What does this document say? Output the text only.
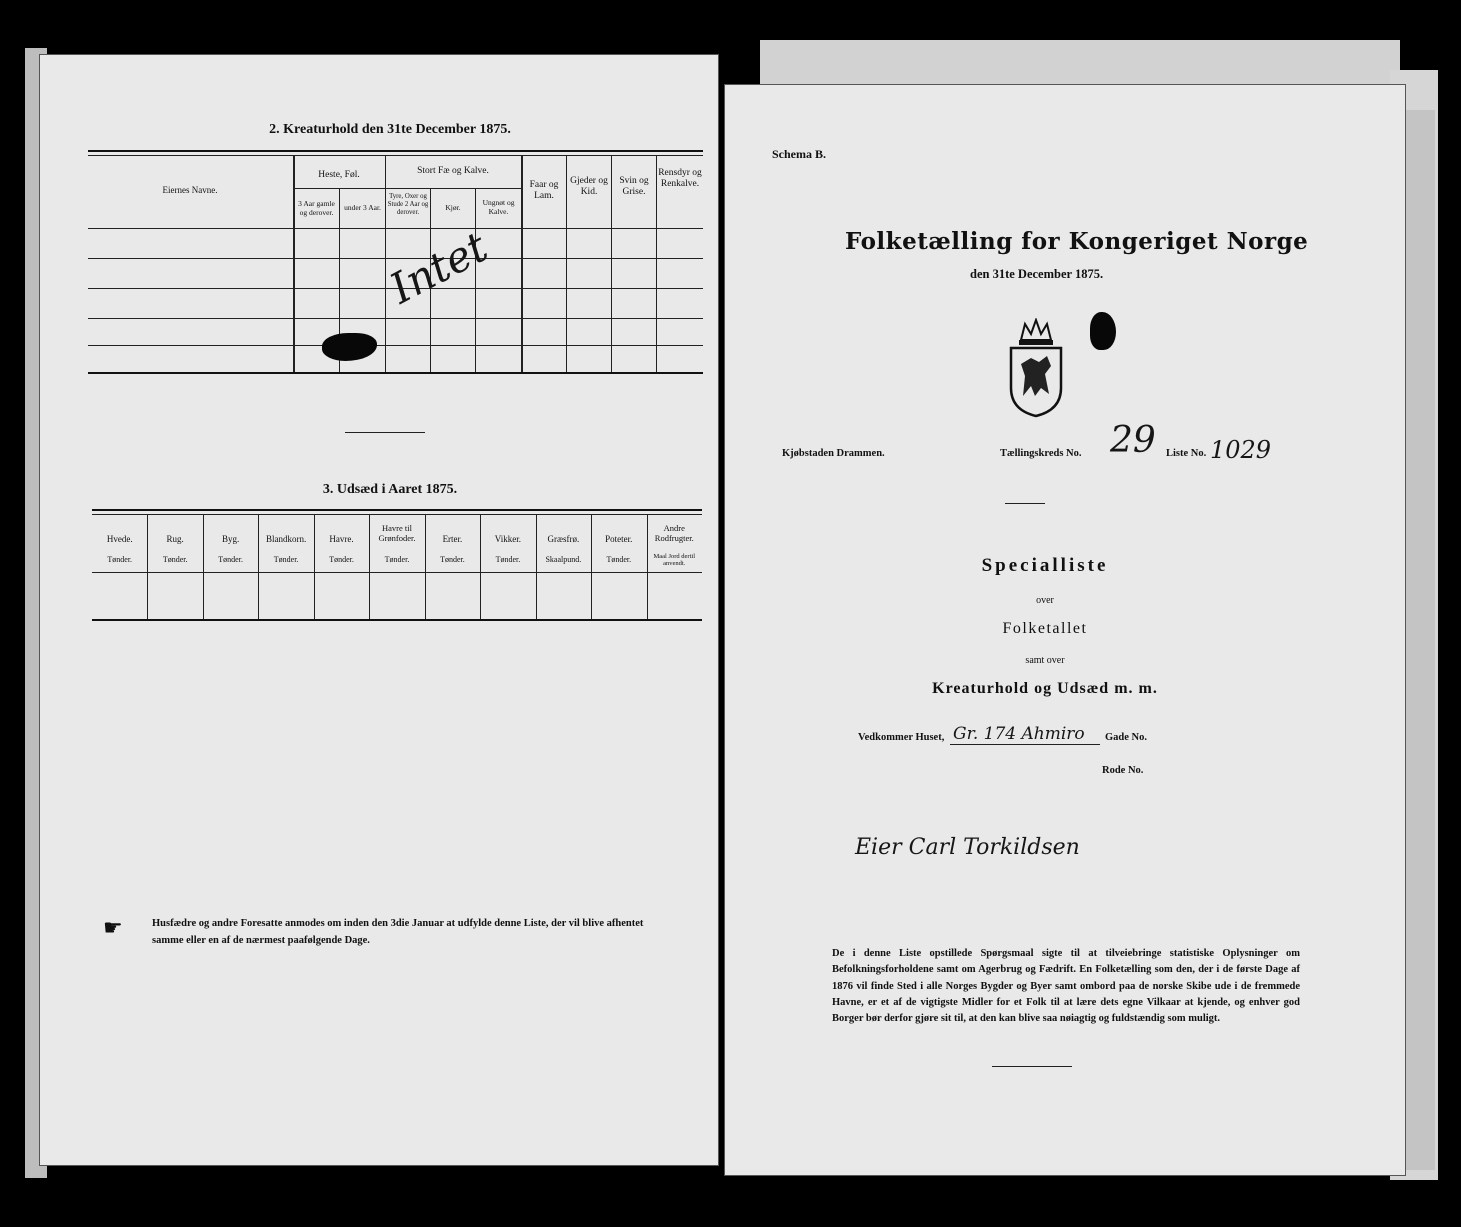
2. Kreaturhold den 31te December 1875.
Eiernes Navne.
Heste, Føl.
3 Aar gamle og derover.
under 3 Aar.
Stort Fæ og Kalve.
Tyre, Oxer og Stude 2 Aar og derover.
Kjør.
Ungnøt og Kalve.
Faar og Lam.
Gjeder og Kid.
Svin og Grise.
Rensdyr og Renkalve.
Intet
3. Udsæd i Aaret 1875.
Hvede.
Tønder.
Rug.
Tønder.
Byg.
Tønder.
Blandkorn.
Tønder.
Havre.
Tønder.
Havre til Grønfoder.
Tønder.
Erter.
Tønder.
Vikker.
Tønder.
Græsfrø.
Skaalpund.
Poteter.
Tønder.
Andre Rodfrugter.
Maal Jord dertil anvendt.
☛	Husfædre og andre Foresatte anmodes om inden den 3die Januar at udfylde denne Liste, der vil blive afhentet samme eller en af de nærmest paafølgende Dage.
Schema B.
Folketælling for Kongeriget Norge
den 31te December 1875.
Kjøbstaden Drammen.	Tællingskreds No. 29 Liste No. 1029
Specialliste
over
Folketallet
samt over
Kreaturhold og Udsæd m. m.
Vedkommer Huset, Gr. 174 Ahmiro Gade No.
Rode No.
Eier Carl Torkildsen
De i denne Liste opstillede Spørgsmaal sigte til at tilveiebringe statistiske Oplysninger om Befolkningsforholdene samt om Agerbrug og Fædrift. En Folketælling som den, der i de første Dage af 1876 vil finde Sted i alle Norges Bygder og Byer samt ombord paa de norske Skibe ude i de fremmede Havne, er et af de vigtigste Midler for et Folk til at lære dets egne Vilkaar at kjende, og enhver god Borger bør derfor gjøre sit til, at den kan blive saa nøiagtig og fuldstændig som muligt.
